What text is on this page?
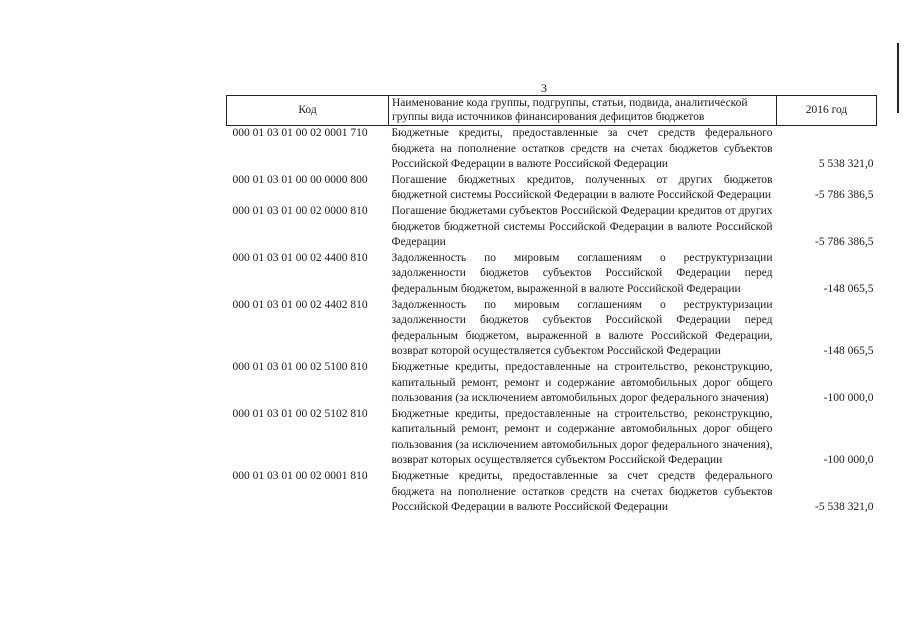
3
Код	Наименование кода группы, подгруппы, статьи, подвида, аналитической группы вида источников финансирования дефицитов бюджетов	2016 год
000 01 03 01 00 02 0001 710	Бюджетные кредиты, предоставленные за счет средств федерального бюджета на пополнение остатков средств на счетах бюджетов субъектов Российской Федерации в валюте Российской Федерации	5 538 321,0
000 01 03 01 00 00 0000 800	Погашение бюджетных кредитов, полученных от других бюджетов бюджетной системы Российской Федерации в валюте Российской Федерации	-5 786 386,5
000 01 03 01 00 02 0000 810	Погашение бюджетами субъектов Российской Федерации кредитов от других бюджетов бюджетной системы Российской Федерации в валюте Российской Федерации	-5 786 386,5
000 01 03 01 00 02 4400 810	Задолженность по мировым соглашениям о реструктуризации задолженности бюджетов субъектов Российской Федерации перед федеральным бюджетом, выраженной в валюте Российской Федерации	-148 065,5
000 01 03 01 00 02 4402 810	Задолженность по мировым соглашениям о реструктуризации задолженности бюджетов субъектов Российской Федерации перед федеральным бюджетом, выраженной в валюте Российской Федерации, возврат которой осуществляется субъектом Российской Федерации	-148 065,5
000 01 03 01 00 02 5100 810	Бюджетные кредиты, предоставленные на строительство, реконструкцию, капитальный ремонт, ремонт и содержание автомобильных дорог общего пользования (за исключением автомобильных дорог федерального значения)	-100 000,0
000 01 03 01 00 02 5102 810	Бюджетные кредиты, предоставленные на строительство, реконструкцию, капитальный ремонт, ремонт и содержание автомобильных дорог общего пользования (за исключением автомобильных дорог федерального значения), возврат которых осуществляется субъектом Российской Федерации	-100 000,0
000 01 03 01 00 02 0001 810	Бюджетные кредиты, предоставленные за счет средств федерального бюджета на пополнение остатков средств на счетах бюджетов субъектов Российской Федерации в валюте Российской Федерации	-5 538 321,0
